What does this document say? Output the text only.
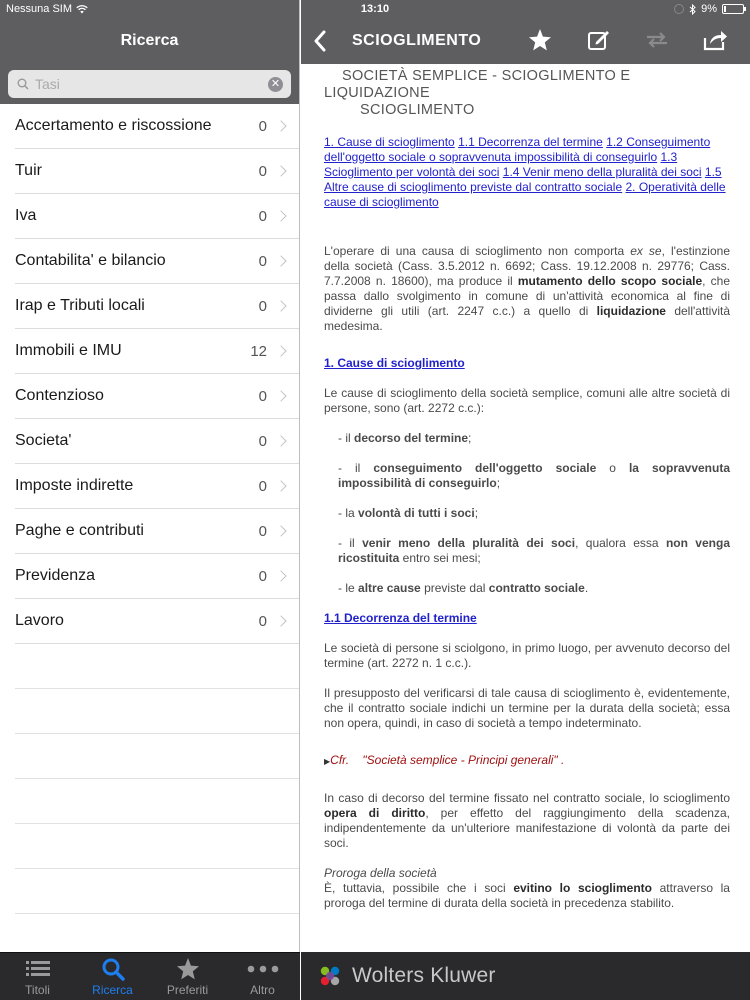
Nessuna SIM	13:10	9%
Ricerca
Tasi
✕
Accertamento e riscossione	0
Tuir	0
Iva	0
Contabilita' e bilancio	0
Irap e Tributi locali	0
Immobili e IMU	12
Contenzioso	0
Societa'	0
Imposte indirette	0
Paghe e contributi	0
Previdenza	0
Lavoro	0
Titoli	Ricerca	Preferiti	Altro
SCIOGLIMENTO
SOCIETÀ SEMPLICE - SCIOGLIMENTO E
LIQUIDAZIONE
SCIOGLIMENTO
1. Cause di scioglimento 1.1 Decorrenza del termine 1.2 Conseguimento dell'oggetto sociale o sopravvenuta impossibilità di conseguirlo 1.3 Scioglimento per volontà dei soci 1.4 Venir meno della pluralità dei soci 1.5 Altre cause di scioglimento previste dal contratto sociale 2. Operatività delle cause di scioglimento
L'operare di una causa di scioglimento non comporta ex se, l'estinzione della società (Cass. 3.5.2012 n. 6692; Cass. 19.12.2008 n. 29776; Cass. 7.7.2008 n. 18600), ma produce il mutamento dello scopo sociale, che passa dallo svolgimento in comune di un'attività economica al fine di dividerne gli utili (art. 2247 c.c.) a quello di liquidazione dell'attività medesima.
1. Cause di scioglimento
Le cause di scioglimento della società semplice, comuni alle altre società di persone, sono (art. 2272 c.c.):
- il decorso del termine;
- il conseguimento dell'oggetto sociale o la sopravvenuta impossibilità di conseguirlo;
- la volontà di tutti i soci;
- il venir meno della pluralità dei soci, qualora essa non venga ricostituita entro sei mesi;
- le altre cause previste dal contratto sociale.
1.1 Decorrenza del termine
Le società di persone si sciolgono, in primo luogo, per avvenuto decorso del termine (art. 2272 n. 1 c.c.).
Il presupposto del verificarsi di tale causa di scioglimento è, evidentemente, che il contratto sociale indichi un termine per la durata della società; essa non opera, quindi, in caso di società a tempo indeterminato.
▶Cfr. "Società semplice - Principi generali" .
In caso di decorso del termine fissato nel contratto sociale, lo scioglimento opera di diritto, per effetto del raggiungimento della scadenza, indipendentemente da un'ulteriore manifestazione di volontà da parte dei soci.
Proroga della società
È, tuttavia, possibile che i soci evitino lo scioglimento attraverso la proroga del termine di durata della società in precedenza stabilito.
Wolters Kluwer
